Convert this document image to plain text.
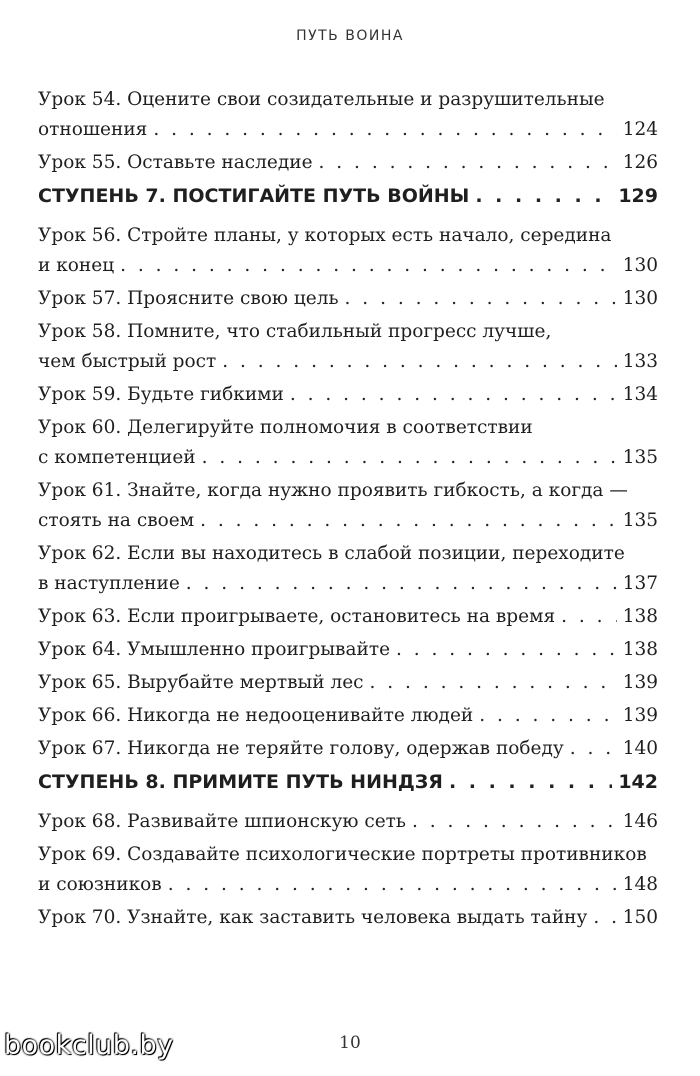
ПУТЬ ВОИНА
Урок 54. Оцените свои созидательные и разрушительные
отношения . . .	124
Урок 55. Оставьте наследие . . .	126
СТУПЕНЬ 7. ПОСТИГАЙТЕ ПУТЬ ВОЙНЫ . . .	129
Урок 56. Стройте планы, у которых есть начало, середина
и конец . . .	130
Урок 57. Проясните свою цель . . .	130
Урок 58. Помните, что стабильный прогресс лучше,
чем быстрый рост . . .	133
Урок 59. Будьте гибкими . . .	134
Урок 60. Делегируйте полномочия в соответствии
с компетенцией . . .	135
Урок 61. Знайте, когда нужно проявить гибкость, а когда —
стоять на своем . . .	135
Урок 62. Если вы находитесь в слабой позиции, переходите
в наступление . . .	137
Урок 63. Если проигрываете, остановитесь на время . . .	138
Урок 64. Умышленно проигрывайте . . .	138
Урок 65. Вырубайте мертвый лес . . .	139
Урок 66. Никогда не недооценивайте людей . . .	139
Урок 67. Никогда не теряйте голову, одержав победу . . .	140
СТУПЕНЬ 8. ПРИМИТЕ ПУТЬ НИНДЗЯ . . .	142
Урок 68. Развивайте шпионскую сеть . . .	146
Урок 69. Создавайте психологические портреты противников
и союзников . . .	148
Урок 70. Узнайте, как заставить человека выдать тайну . . . 150
10
bookclub.by
